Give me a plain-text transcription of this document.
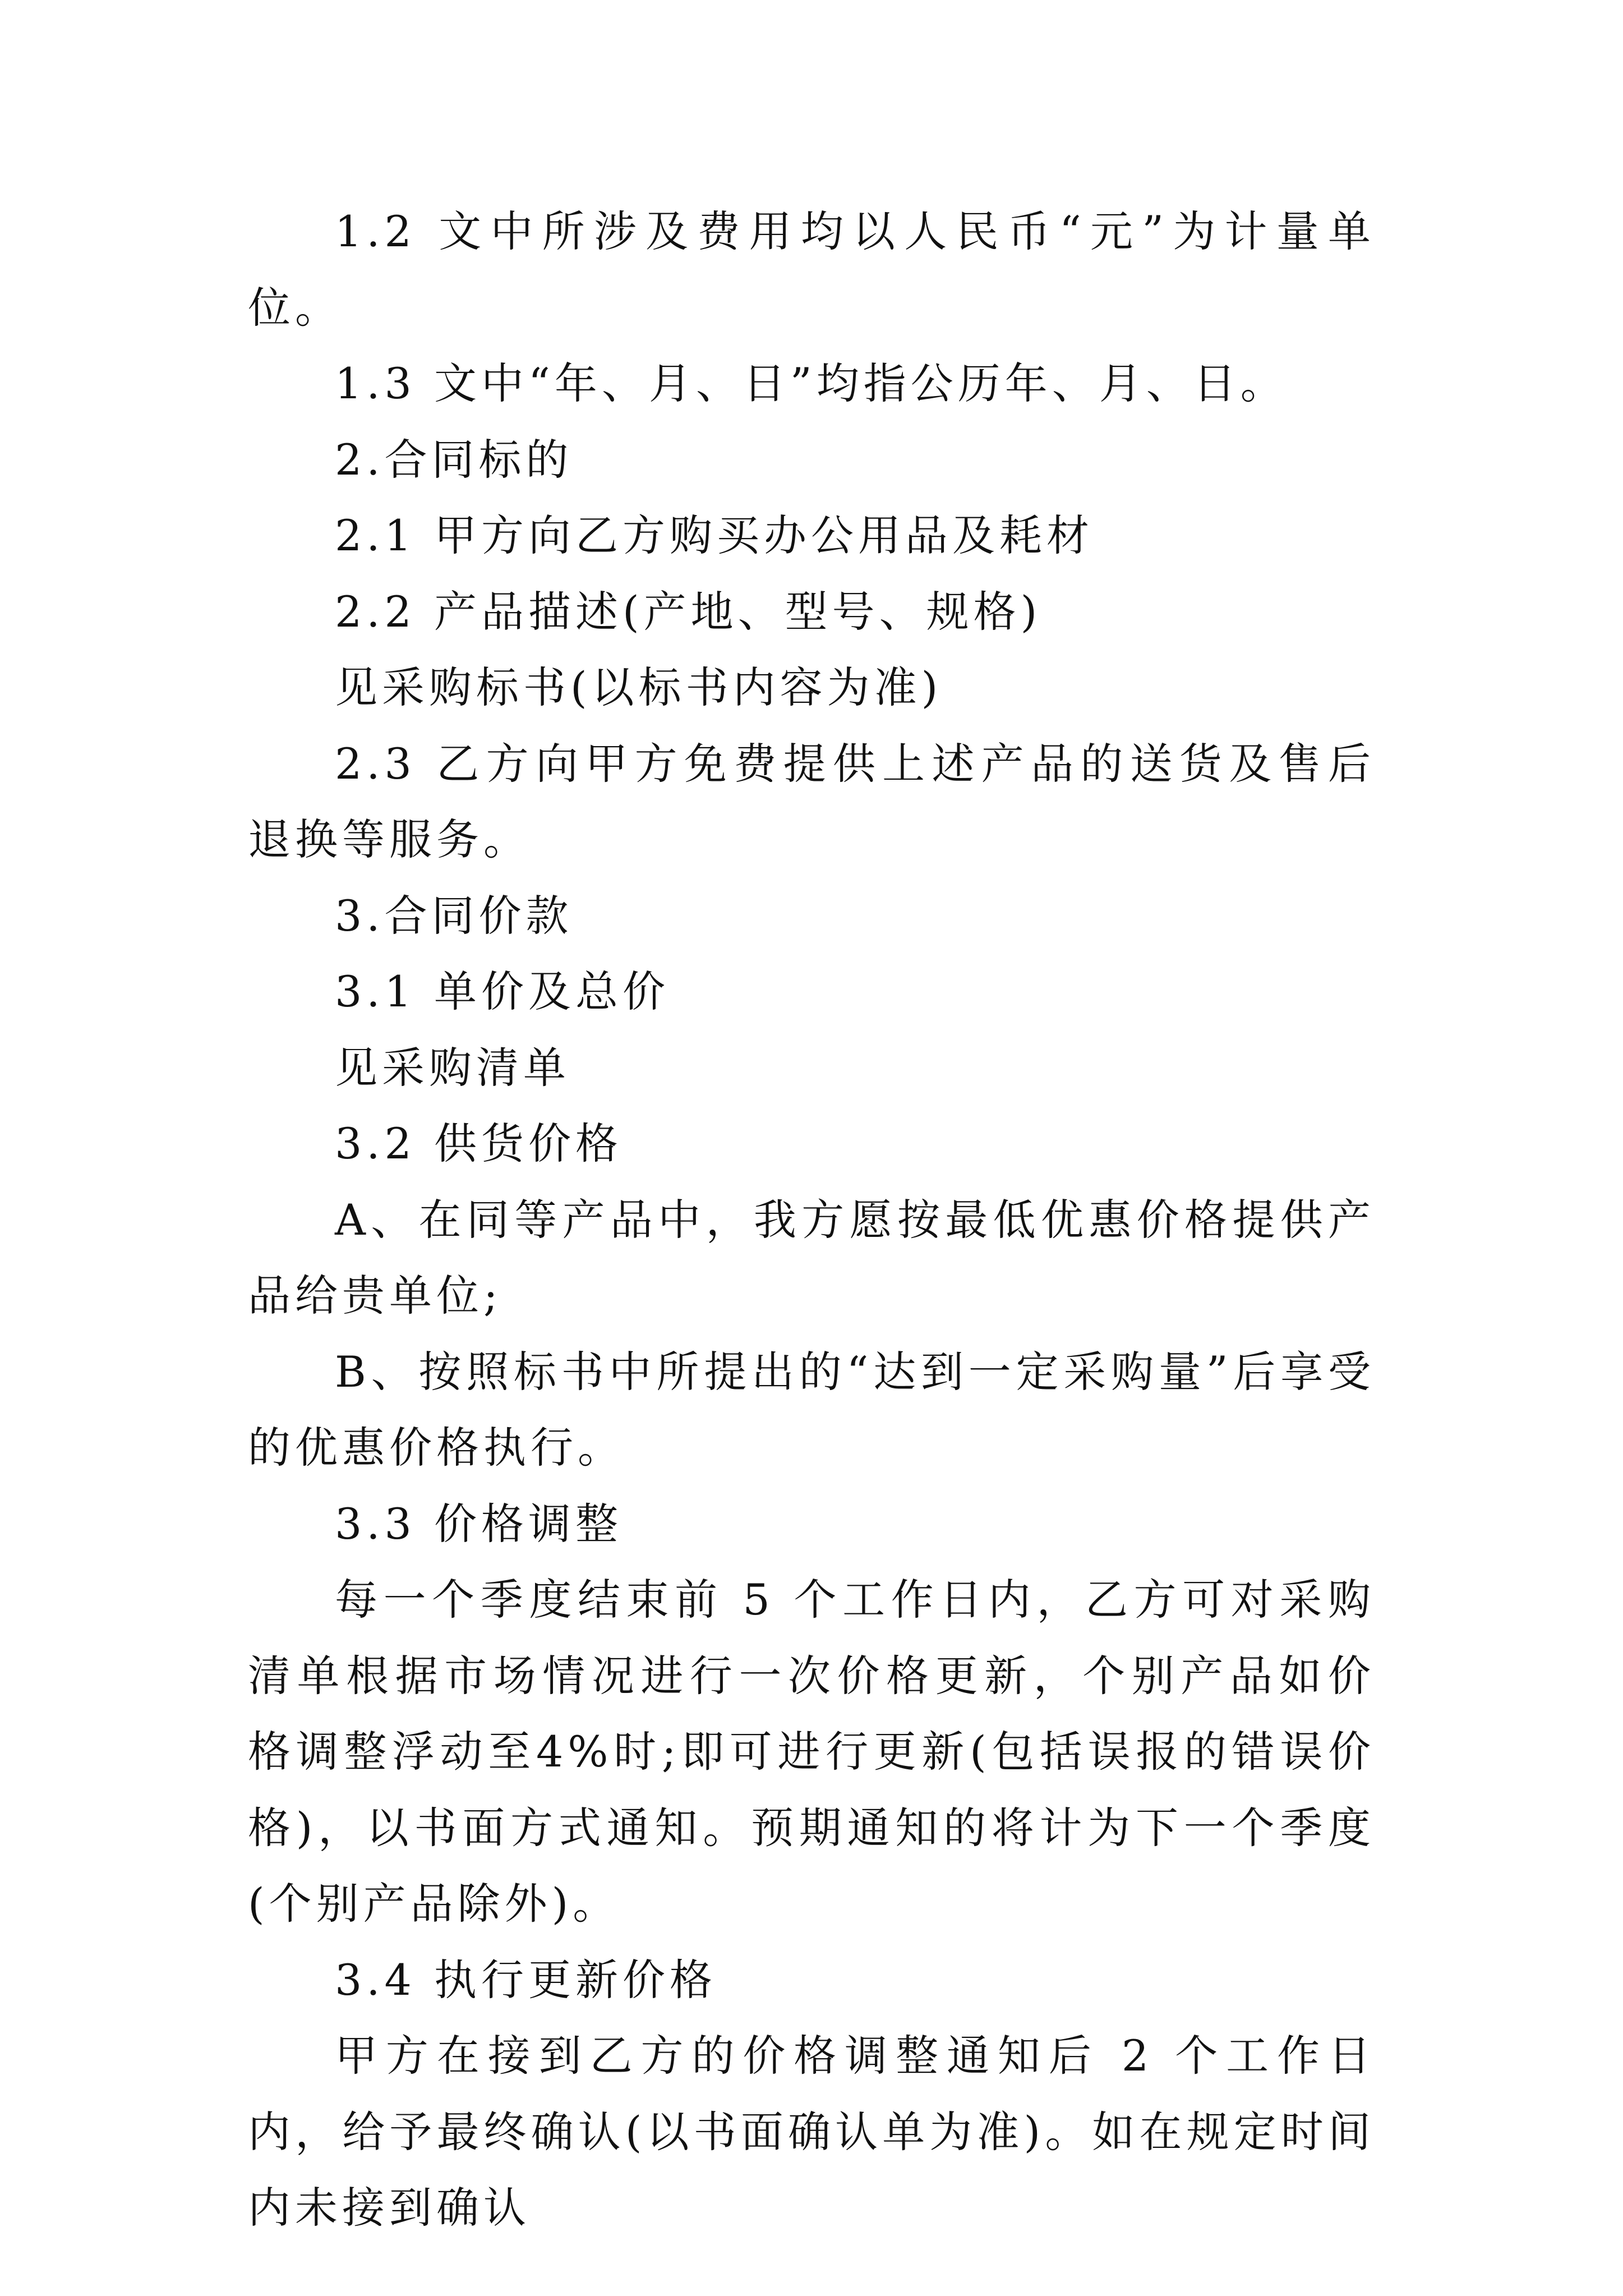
1.2 文中所涉及费用均以人民币“元”为计量单位。

1.3 文中“年、月、日”均指公历年、月、日。

2.合同标的

2.1 甲方向乙方购买办公用品及耗材

2.2 产品描述(产地、型号、规格)

见采购标书(以标书内容为准)

2.3 乙方向甲方免费提供上述产品的送货及售后退换等服务。

3.合同价款

3.1 单价及总价

见采购清单

3.2 供货价格

A、在同等产品中，我方愿按最低优惠价格提供产品给贵单位;

B、按照标书中所提出的“达到一定采购量”后享受的优惠价格执行。

3.3 价格调整

每一个季度结束前 5 个工作日内，乙方可对采购清单根据市场情况进行一次价格更新，个别产品如价格调整浮动至4%时;即可进行更新(包括误报的错误价格)，以书面方式通知。预期通知的将计为下一个季度(个别产品除外)。

3.4 执行更新价格

甲方在接到乙方的价格调整通知后 2 个工作日内，给予最终确认(以书面确认单为准)。如在规定时间内未接到确认
